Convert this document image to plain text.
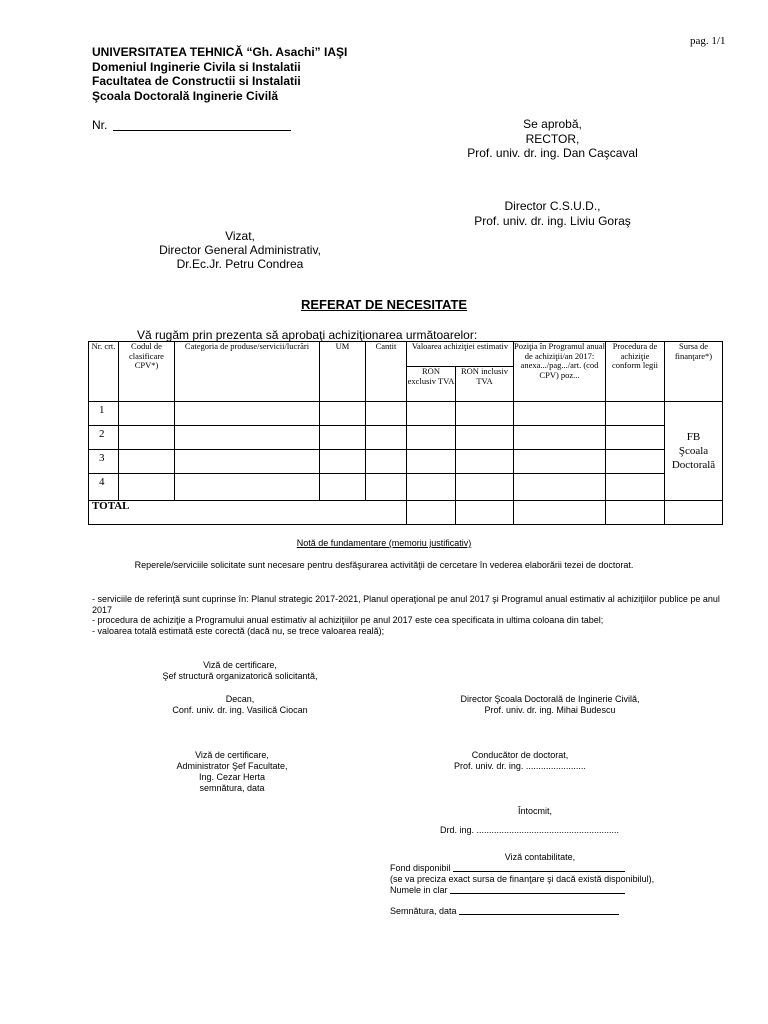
pag. 1/1
UNIVERSITATEA TEHNICĂ “Gh. Asachi” IAŞI
Domeniul Inginerie Civila si Instalatii
Facultatea de Constructii si Instalatii
Şcoala Doctorală Inginerie Civilă
Nr.	Se aprobă,
RECTOR,
Prof. univ. dr. ing. Dan Caşcaval
Director C.S.U.D.,
Prof. univ. dr. ing. Liviu Goraş
Vizat,
Director General Administrativ,
Dr.Ec.Jr. Petru Condrea
REFERAT DE NECESITATE
Vă rugăm prin prezenta să aprobaţi achiziţionarea următoarelor:
Nr. crt.	Codul de clasificare CPV*)	Categoria de produse/servicii/lucrări	UM	Cantit	Valoarea achiziţiei estimativ		Poziţia în Programul anual de achiziţii/an 2017: anexa.../pag.../art. (cod CPV) poz...	Procedura de achiziţie conform legii	Sursa de finanţare*)
					RON exclusiv TVA	RON inclusiv TVA			
1									FB
Şcoala
Doctorală

2									
3									
4									
TOTAL									
Notă de fundamentare (memoriu justificativ)
Reperele/serviciile solicitate sunt necesare pentru desfăşurarea activităţii de cercetare în vederea elaborării tezei de doctorat.
- serviciile de referinţă sunt cuprinse în: Planul strategic 2017-2021, Planul operaţional pe anul 2017 şi Programul anual estimativ al achiziţiilor publice pe anul 2017
- procedura de achiziţie a Programului anual estimativ al achiziţiilor pe anul 2017 este cea specificata in ultima coloana din tabel;
- valoarea totală estimată este corectă (dacă nu, se trece valoarea reală);
Viză de certificare,
Şef structură organizatorică solicitantă,
Decan,
Conf. univ. dr. ing. Vasilică Ciocan
Director Şcoala Doctorală de Inginerie Civilă,
Prof. univ. dr. ing. Mihai Budescu
Viză de certificare,
Administrator Şef Facultate,
Ing. Cezar Herta
semnătura, data
Conducător de doctorat,
Prof. univ. dr. ing. ........................
Întocmit,
Drd. ing. .........................................................
Viză contabilitate,
Fond disponibil
(se va preciza exact sursa de finanţare şi dacă există disponibilul),
Numele in clar
Semnătura, data
